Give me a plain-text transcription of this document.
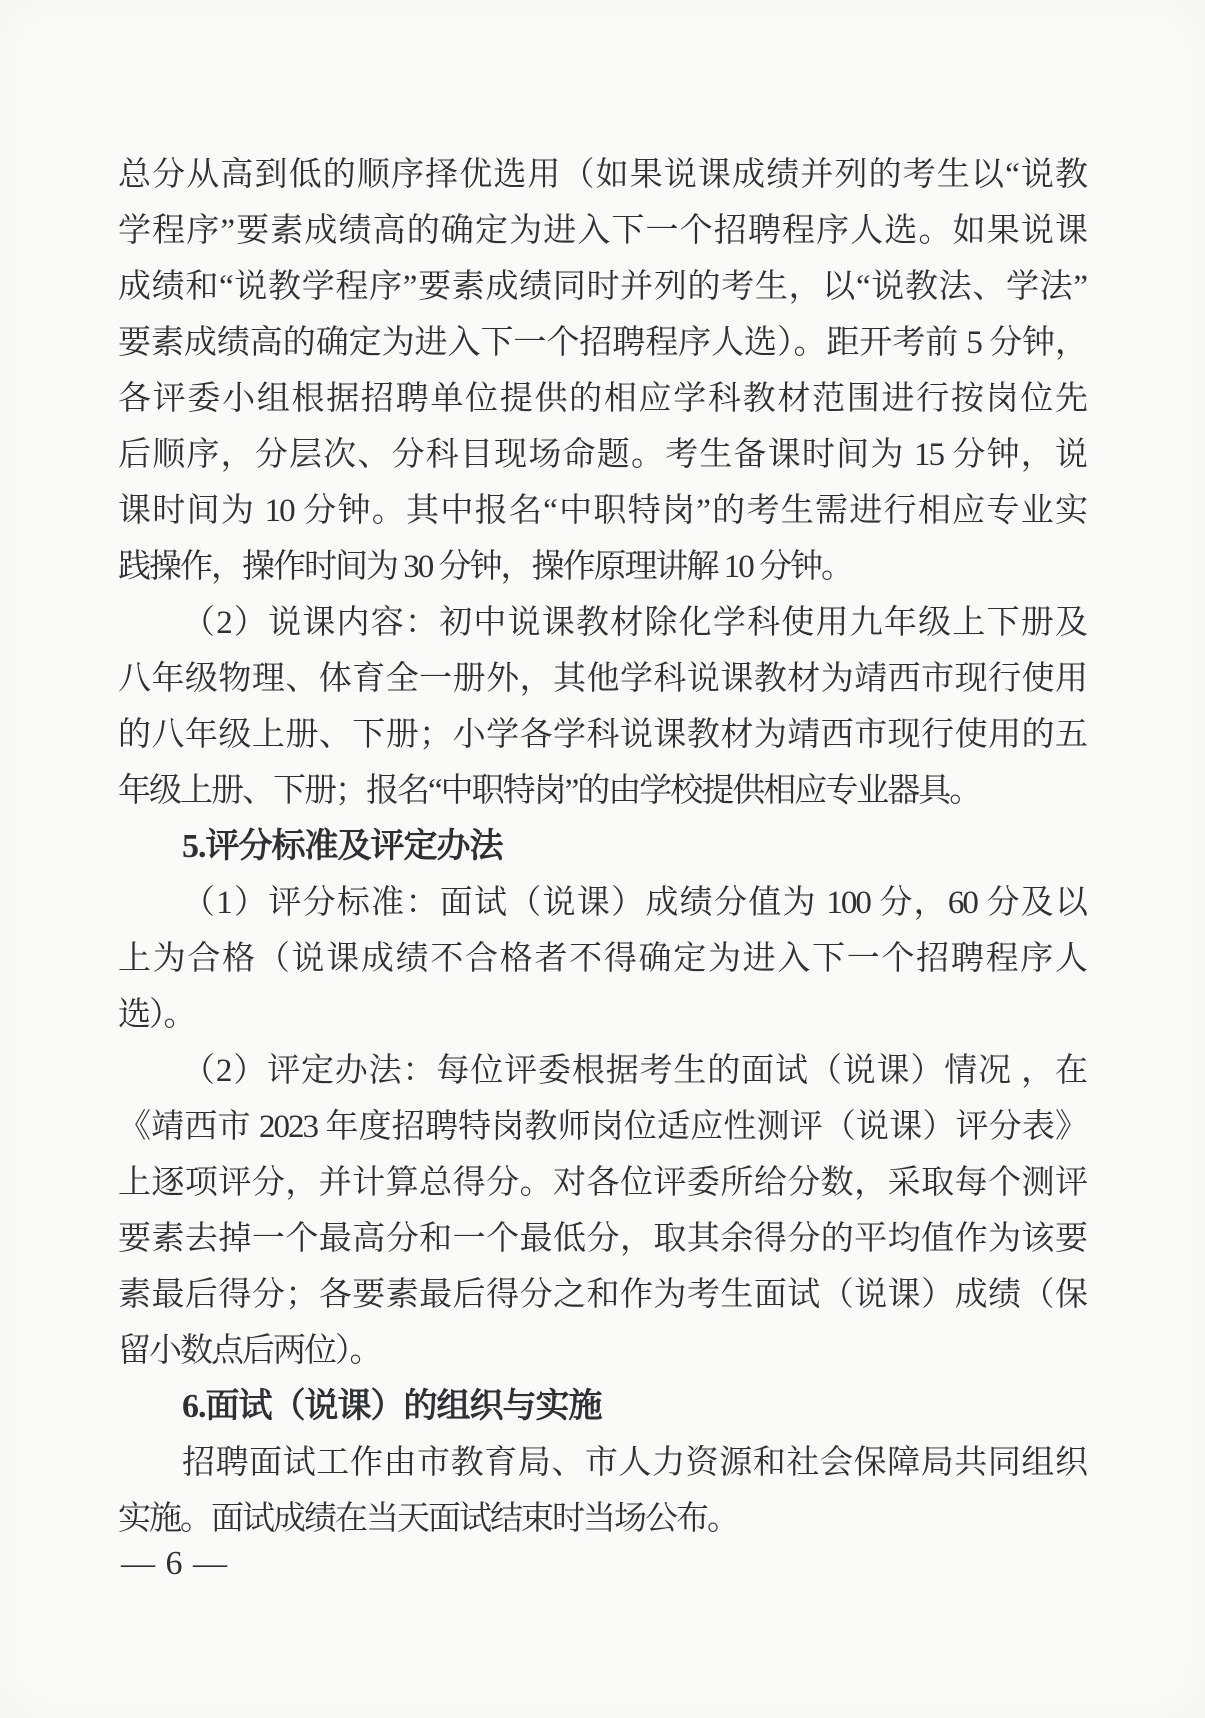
总分从高到低的顺序择优选用（如果说课成绩并列的考生以“说教
学程序”要素成绩高的确定为进入下一个招聘程序人选。如果说课
成绩和“说教学程序”要素成绩同时并列的考生，以“说教法、学法”
要素成绩高的确定为进入下一个招聘程序人选）。距开考前 5 分钟，
各评委小组根据招聘单位提供的相应学科教材范围进行按岗位先
后顺序，分层次、分科目现场命题。考生备课时间为 15 分钟，说
课时间为 10 分钟。其中报名“中职特岗”的考生需进行相应专业实
践操作，操作时间为 30 分钟，操作原理讲解 10 分钟。
（2）说课内容：初中说课教材除化学科使用九年级上下册及
八年级物理、体育全一册外，其他学科说课教材为靖西市现行使用
的八年级上册、下册；小学各学科说课教材为靖西市现行使用的五
年级上册、下册；报名“中职特岗”的由学校提供相应专业器具。
5.评分标准及评定办法
（1）评分标准：面试（说课）成绩分值为 100 分，60 分及以
上为合格（说课成绩不合格者不得确定为进入下一个招聘程序人
选）。
（2）评定办法：每位评委根据考生的面试（说课）情况 ，在
《靖西市 2023 年度招聘特岗教师岗位适应性测评（说课）评分表》
上逐项评分，并计算总得分。对各位评委所给分数，采取每个测评
要素去掉一个最高分和一个最低分，取其余得分的平均值作为该要
素最后得分；各要素最后得分之和作为考生面试（说课）成绩（保
留小数点后两位）。
6.面试（说课）的组织与实施
招聘面试工作由市教育局、市人力资源和社会保障局共同组织
实施。面试成绩在当天面试结束时当场公布。
— 6 —
